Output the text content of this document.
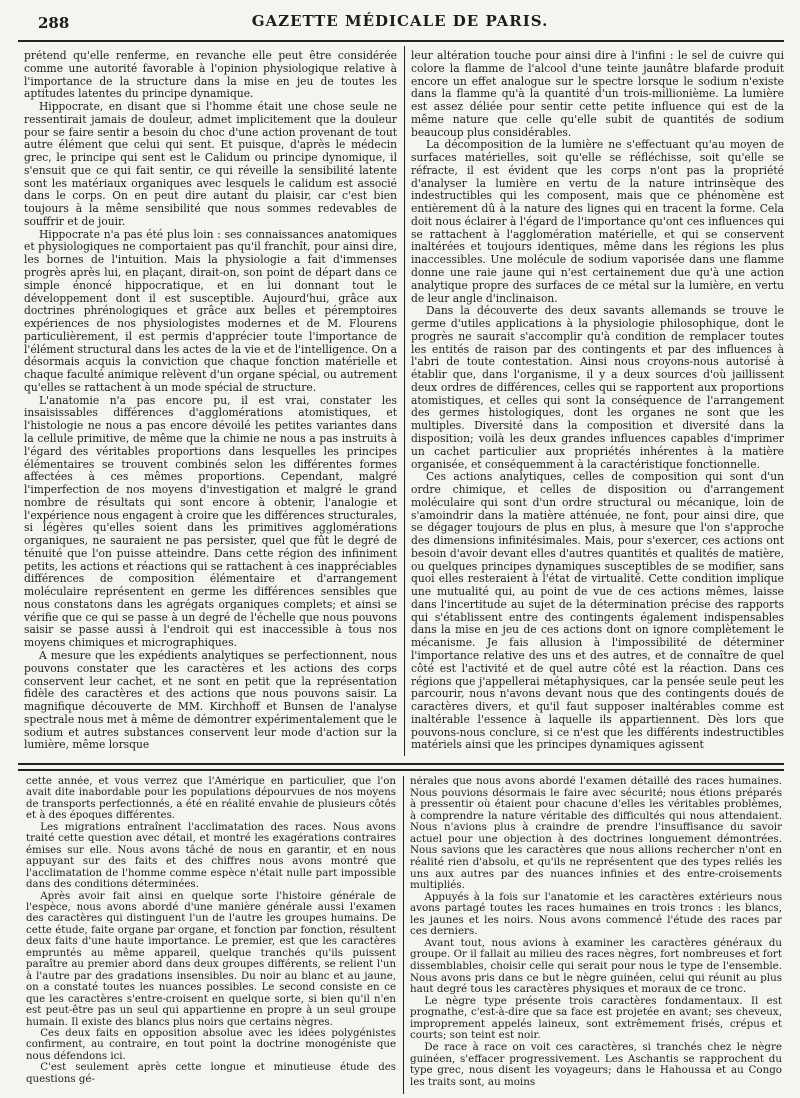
288	GAZETTE MÉDICALE DE PARIS.

prétend qu'elle renferme, en revanche elle peut être considérée comme une autorité favorable à l'opinion physiologique relative à l'importance de la structure dans la mise en jeu de toutes les aptitudes latentes du principe dynamique.

Hippocrate, en disant que si l'homme était une chose seule ne ressentirait jamais de douleur, admet implicitement que la douleur pour se faire sentir a besoin du choc d'une action provenant de tout autre élément que celui qui sent. Et puisque, d'après le médecin grec, le principe qui sent est le Calidum ou principe dynomique, il s'ensuit que ce qui fait sentir, ce qui réveille la sensibilité latente sont les matériaux organiques avec lesquels le calidum est associé dans le corps. On en peut dire autant du plaisir, car c'est bien toujours à la même sensibilité que nous sommes redevables de souffrir et de jouir.

Hippocrate n'a pas été plus loin : ses connaissances anatomiques et physiologiques ne comportaient pas qu'il franchît, pour ainsi dire, les bornes de l'intuition. Mais la physiologie a fait d'immenses progrès après lui, en plaçant, dirait-on, son point de départ dans ce simple énoncé hippocratique, et en lui donnant tout le développement dont il est susceptible. Aujourd'hui, grâce aux doctrines phrénologiques et grâce aux belles et péremptoires expériences de nos physiologistes modernes et de M. Flourens particulièrement, il est permis d'apprécier toute l'importance de l'élément structural dans les actes de la vie et de l'intelligence. On a désormais acquis la conviction que chaque fonction matérielle et chaque faculté animique relèvent d'un organe spécial, ou autrement qu'elles se rattachent à un mode spécial de structure.

L'anatomie n'a pas encore pu, il est vrai, constater les insaisissables différences d'agglomérations atomistiques, et l'histologie ne nous a pas encore dévoilé les petites variantes dans la cellule primitive, de même que la chimie ne nous a pas instruits à l'égard des véritables proportions dans lesquelles les principes élémentaires se trouvent combinés selon les différentes formes affectées à ces mêmes proportions. Cependant, malgré l'imperfection de nos moyens d'investigation et malgré le grand nombre de résultats qui sont encore à obtenir, l'analogie et l'expérience nous engagent à croire que les différences structurales, si légères qu'elles soient dans les primitives agglomérations organiques, ne sauraient ne pas persister, quel que fût le degré de ténuité que l'on puisse atteindre. Dans cette région des infiniment petits, les actions et réactions qui se rattachent à ces inappréciables différences de composition élémentaire et d'arrangement moléculaire représentent en germe les différences sensibles que nous constatons dans les agrégats organiques complets; et ainsi se vérifie que ce qui se passe à un degré de l'échelle que nous pouvons saisir se passe aussi à l'endroit qui est inaccessible à tous nos moyens chimiques et micrographiques.

A mesure que les expédients analytiques se perfectionnent, nous pouvons constater que les caractères et les actions des corps conservent leur cachet, et ne sont en petit que la représentation fidèle des caractères et des actions que nous pouvons saisir. La magnifique découverte de MM. Kirchhoff et Bunsen de l'analyse spectrale nous met à même de démontrer expérimentalement que le sodium et autres substances conservent leur mode d'action sur la lumière, même lorsque

leur altération touche pour ainsi dire à l'infini : le sel de cuivre qui colore la flamme de l'alcool d'une teinte jaunâtre blafarde produit encore un effet analogue sur le spectre lorsque le sodium n'existe dans la flamme qu'à la quantité d'un trois-millionième. La lumière est assez déliée pour sentir cette petite influence qui est de la même nature que celle qu'elle subit de quantités de sodium beaucoup plus considérables.

La décomposition de la lumière ne s'effectuant qu'au moyen de surfaces matérielles, soit qu'elle se réfléchisse, soit qu'elle se réfracte, il est évident que les corps n'ont pas la propriété d'analyser la lumière en vertu de la nature intrinsèque des indestructibles qui les composent, mais que ce phénomène est entièrement dû à la nature des lignes qui en tracent la forme. Cela doit nous éclairer à l'égard de l'importance qu'ont ces influences qui se rattachent à l'agglomération matérielle, et qui se conservent inaltérées et toujours identiques, même dans les régions les plus inaccessibles. Une molécule de sodium vaporisée dans une flamme donne une raie jaune qui n'est certainement due qu'à une action analytique propre des surfaces de ce métal sur la lumière, en vertu de leur angle d'inclinaison.

Dans la découverte des deux savants allemands se trouve le germe d'utiles applications à la physiologie philosophique, dont le progrès ne saurait s'accomplir qu'à condition de remplacer toutes les entités de raison par des contingents et par des influences à l'abri de toute contestation. Ainsi nous croyons-nous autorisé à établir que, dans l'organisme, il y a deux sources d'où jaillissent deux ordres de différences, celles qui se rapportent aux proportions atomistiques, et celles qui sont la conséquence de l'arrangement des germes histologiques, dont les organes ne sont que les multiples. Diversité dans la composition et diversité dans la disposition; voilà les deux grandes influences capables d'imprimer un cachet particulier aux propriétés inhérentes à la matière organisée, et conséquemment à la caractéristique fonctionnelle.

Ces actions analytiques, celles de composition qui sont d'un ordre chimique, et celles de disposition ou d'arrangement moléculaire qui sont d'un ordre structural ou mécanique, loin de s'amoindrir dans la matière atténuée, ne font, pour ainsi dire, que se dégager toujours de plus en plus, à mesure que l'on s'approche des dimensions infinitésimales. Mais, pour s'exercer, ces actions ont besoin d'avoir devant elles d'autres quantités et qualités de matière, ou quelques principes dynamiques susceptibles de se modifier, sans quoi elles resteraient à l'état de virtualité. Cette condition implique une mutualité qui, au point de vue de ces actions mêmes, laisse dans l'incertitude au sujet de la détermination précise des rapports qui s'établissent entre des contingents également indispensables dans la mise en jeu de ces actions dont on ignore complètement le mécanisme. Je fais allusion à l'impossibilité de déterminer l'importance relative des uns et des autres, et de connaître de quel côté est l'activité et de quel autre côté est la réaction. Dans ces régions que j'appellerai métaphysiques, car la pensée seule peut les parcourir, nous n'avons devant nous que des contingents doués de caractères divers, et qu'il faut supposer inaltérables comme est inaltérable l'essence à laquelle ils appartiennent. Dès lors que pouvons-nous conclure, si ce n'est que les différents indestructibles matériels ainsi que les principes dynamiques agissent

cette année, et vous verrez que l'Amérique en particulier, que l'on avait dite inabordable pour les populations dépourvues de nos moyens de transports perfectionnés, a été en réalité envahie de plusieurs côtés et à des époques différentes.

Les migrations entraînent l'acclimatation des races. Nous avons traité cette question avec détail, et montré les exagérations contraires émises sur elle. Nous avons tâché de nous en garantir, et en nous appuyant sur des faits et des chiffres nous avons montré que l'acclimatation de l'homme comme espèce n'était nulle part impossible dans des conditions déterminées.

Après avoir fait ainsi en quelque sorte l'histoire générale de l'espèce, nous avons abordé d'une manière générale aussi l'examen des caractères qui distinguent l'un de l'autre les groupes humains. De cette étude, faite organe par organe, et fonction par fonction, résultent deux faits d'une haute importance. Le premier, est que les caractères empruntés au même appareil, quelque tranchés qu'ils puissent paraître au premier abord dans deux groupes différents, se relient l'un à l'autre par des gradations insensibles. Du noir au blanc et au jaune, on a constaté toutes les nuances possibles. Le second consiste en ce que les caractères s'entre-croisent en quelque sorte, si bien qu'il n'en est peut-être pas un seul qui appartienne en propre à un seul groupe humain. Il existe des blancs plus noirs que certains nègres.

Ces deux faits en opposition absolue avec les idées polygénistes confirment, au contraire, en tout point la doctrine monogéniste que nous défendons ici.

C'est seulement après cette longue et minutieuse étude des questions gé-

nérales que nous avons abordé l'examen détaillé des races humaines. Nous pouvions désormais le faire avec sécurité; nous étions préparés à pressentir où étaient pour chacune d'elles les véritables problèmes, à comprendre la nature véritable des difficultés qui nous attendaient. Nous n'avions plus à craindre de prendre l'insuffisance du savoir actuel pour une objection à des doctrines longuement démontrées. Nous savions que les caractères que nous allions rechercher n'ont en réalité rien d'absolu, et qu'ils ne représentent que des types reliés les uns aux autres par des nuances infinies et des entre-croisements multipliés.

Appuyés à la fois sur l'anatomie et les caractères extérieurs nous avons partagé toutes les races humaines en trois troncs : les blancs, les jaunes et les noirs. Nous avons commencé l'étude des races par ces derniers.

Avant tout, nous avions à examiner les caractères généraux du groupe. Or il fallait au milieu des races nègres, fort nombreuses et fort dissemblables, choisir celle qui serait pour nous le type de l'ensemble. Nous avons pris dans ce but le nègre guinéen, celui qui réunit au plus haut degré tous les caractères physiques et moraux de ce tronc.

Le nègre type présente trois caractères fondamentaux. Il est prognathe, c'est-à-dire que sa face est projetée en avant; ses cheveux, improprement appelés laineux, sont extrêmement frisés, crépus et courts; son teint est noir.

De race à race on voit ces caractères, si tranchés chez le nègre guinéen, s'effacer progressivement. Les Aschantis se rapprochent du type grec, nous disent les voyageurs; dans le Hahoussa et au Congo les traits sont, au moins
